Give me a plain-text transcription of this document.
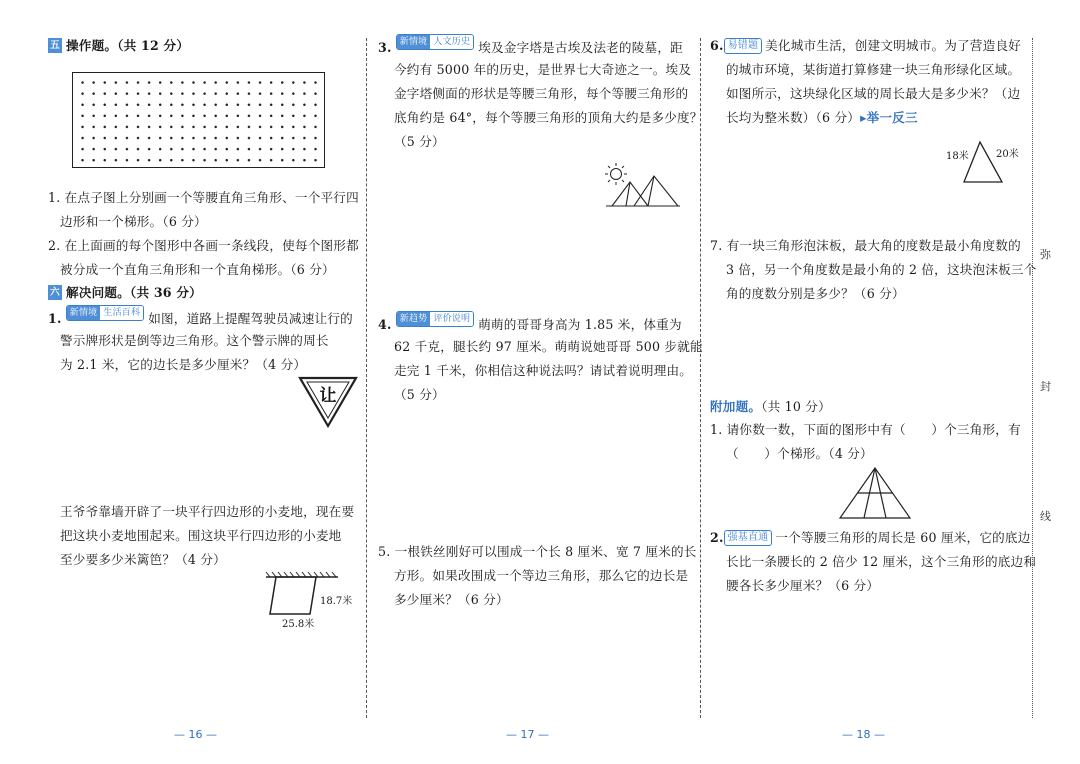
五 操作题。（共 12 分）
1. 在点子图上分别画一个等腰直角三角形、一个平行四
边形和一个梯形。（6 分）
2. 在上面画的每个图形中各画一条线段，使每个图形都
被分成一个直角三角形和一个直角梯形。（6 分）
六 解决问题。（共 36 分）
1. 新情境 生活百科 如图，道路上提醒驾驶员减速让行的
警示牌形状是倒等边三角形。这个警示牌的周长
为 2.1 米，它的边长是多少厘米？（4 分）
让
王爷爷靠墙开辟了一块平行四边形的小麦地，现在要
把这块小麦地围起来。围这块平行四边形的小麦地
至少要多少米篱笆？（4 分）
18.7米
25.8米
— 16 —
3. 新情境 人文历史 埃及金字塔是古埃及法老的陵墓，距
今约有 5000 年的历史，是世界七大奇迹之一。埃及
金字塔侧面的形状是等腰三角形，每个等腰三角形的
底角约是 64°，每个等腰三角形的顶角大约是多少度？
（5 分）
4. 新趋势 评价说明 萌萌的哥哥身高为 1.85 米，体重为
62 千克，腿长约 97 厘米。萌萌说她哥哥 500 步就能
走完 1 千米，你相信这种说法吗？请试着说明理由。
（5 分）
5. 一根铁丝刚好可以围成一个长 8 厘米、宽 7 厘米的长
方形。如果改围成一个等边三角形，那么它的边长是
多少厘米？（6 分）
— 17 —
6. 易错题 美化城市生活，创建文明城市。为了营造良好
的城市环境，某街道打算修建一块三角形绿化区域。
如图所示，这块绿化区域的周长最大是多少米？（边
长均为整米数）（6 分）▸举一反三
18米	20米
7. 有一块三角形泡沫板，最大角的度数是最小角度数的
3 倍，另一个角度数是最小角的 2 倍，这块泡沫板三个
角的度数分别是多少？（6 分）
附加题。（共 10 分）
1. 请你数一数，下面的图形中有（　　）个三角形，有
（　　）个梯形。（4 分）
2. 强基直通 一个等腰三角形的周长是 60 厘米，它的底边
长比一条腰长的 2 倍少 12 厘米，这个三角形的底边和
腰各长多少厘米？（6 分）
— 18 —
弥
封
线
